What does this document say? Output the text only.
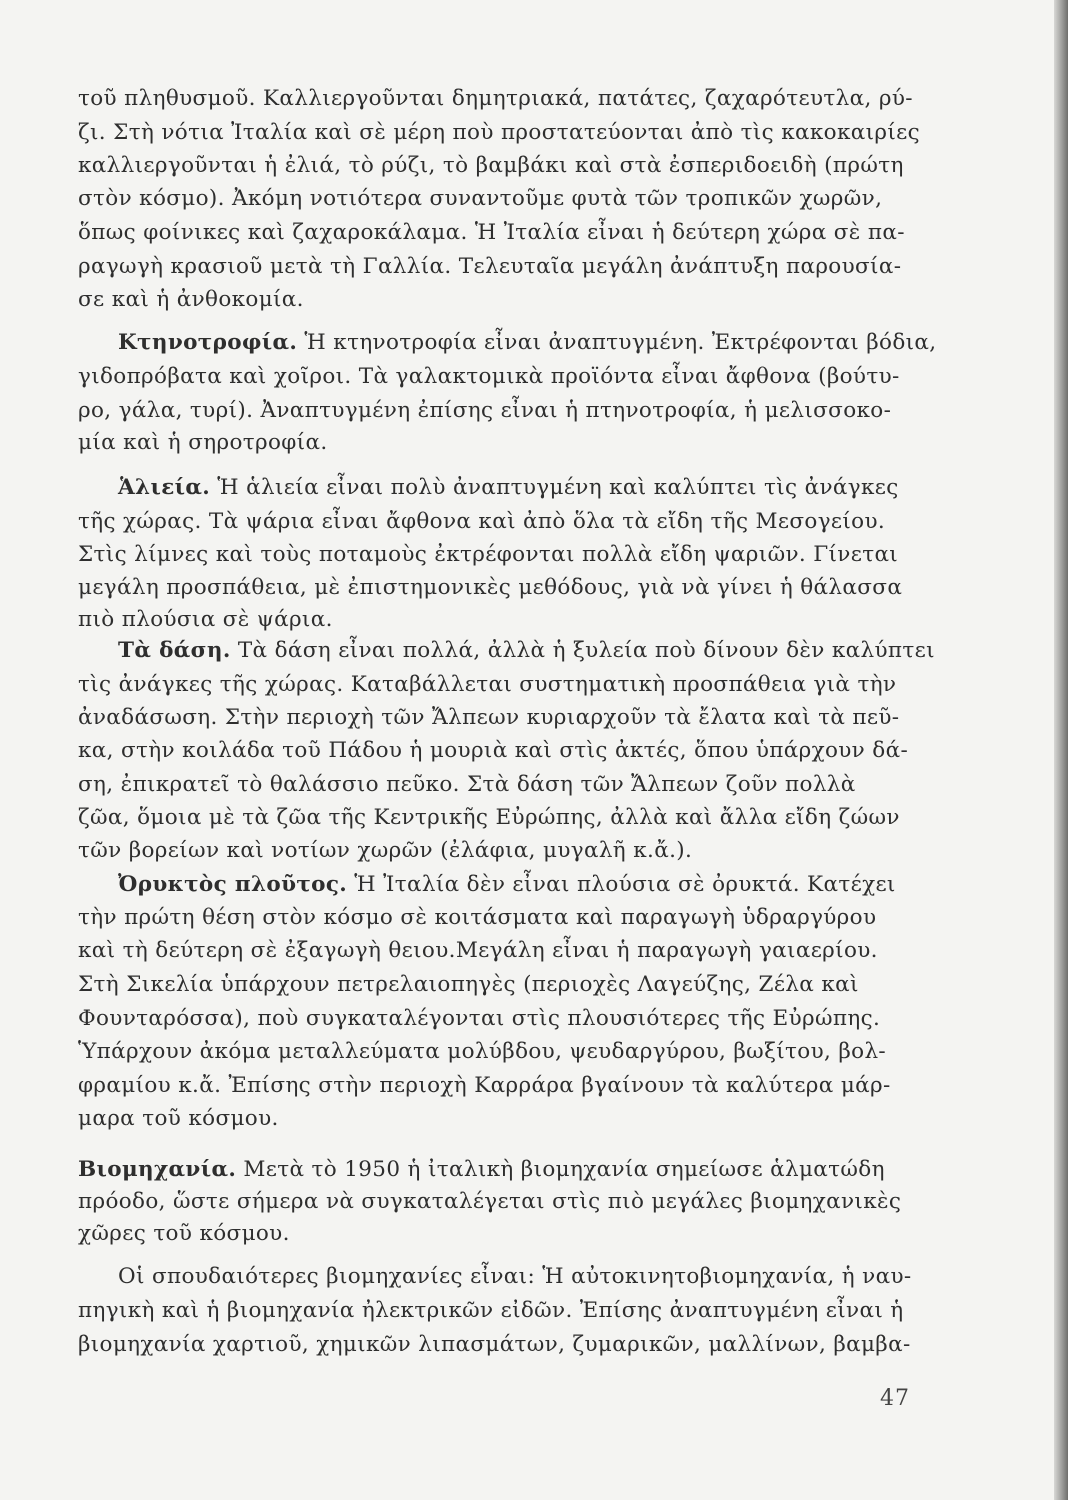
τοῦ πληθυσμοῦ. Καλλιεργοῦνται δημητριακά, πατάτες, ζαχαρότευτλα, ρύ-
ζι. Στὴ νότια Ἰταλία καὶ σὲ μέρη ποὺ προστατεύονται ἀπὸ τὶς κακοκαιρίες
καλλιεργοῦνται ἡ ἐλιά, τὸ ρύζι, τὸ βαμβάκι καὶ στὰ ἐσπεριδοειδὴ (πρώτη
στὸν κόσμο). Ἀκόμη νοτιότερα συναντοῦμε φυτὰ τῶν τροπικῶν χωρῶν,
ὅπως φοίνικες καὶ ζαχαροκάλαμα. Ἡ Ἰταλία εἶναι ἡ δεύτερη χώρα σὲ πα-
ραγωγὴ κρασιοῦ μετὰ τὴ Γαλλία. Τελευταῖα μεγάλη ἀνάπτυξη παρουσία-
σε καὶ ἡ ἀνθοκομία.
Κτηνοτροφία. Ἡ κτηνοτροφία εἶναι ἀναπτυγμένη. Ἐκτρέφονται βόδια,
γιδοπρόβατα καὶ χοῖροι. Τὰ γαλακτομικὰ προϊόντα εἶναι ἄφθονα (βούτυ-
ρο, γάλα, τυρί). Ἀναπτυγμένη ἐπίσης εἶναι ἡ πτηνοτροφία, ἡ μελισσοκο-
μία καὶ ἡ σηροτροφία.
Ἁλιεία. Ἡ ἁλιεία εἶναι πολὺ ἀναπτυγμένη καὶ καλύπτει τὶς ἀνάγκες
τῆς χώρας. Τὰ ψάρια εἶναι ἄφθονα καὶ ἀπὸ ὅλα τὰ εἴδη τῆς Μεσογείου.
Στὶς λίμνες καὶ τοὺς ποταμοὺς ἐκτρέφονται πολλὰ εἴδη ψαριῶν. Γίνεται
μεγάλη προσπάθεια, μὲ ἐπιστημονικὲς μεθόδους, γιὰ νὰ γίνει ἡ θάλασσα
πιὸ πλούσια σὲ ψάρια.
Τὰ δάση. Τὰ δάση εἶναι πολλά, ἀλλὰ ἡ ξυλεία ποὺ δίνουν δὲν καλύπτει
τὶς ἀνάγκες τῆς χώρας. Καταβάλλεται συστηματικὴ προσπάθεια γιὰ τὴν
ἀναδάσωση. Στὴν περιοχὴ τῶν Ἄλπεων κυριαρχοῦν τὰ ἔλατα καὶ τὰ πεῦ-
κα, στὴν κοιλάδα τοῦ Πάδου ἡ μουριὰ καὶ στὶς ἀκτές, ὅπου ὑπάρχουν δά-
ση, ἐπικρατεῖ τὸ θαλάσσιο πεῦκο. Στὰ δάση τῶν Ἄλπεων ζοῦν πολλὰ
ζῶα, ὅμοια μὲ τὰ ζῶα τῆς Κεντρικῆς Εὐρώπης, ἀλλὰ καὶ ἄλλα εἴδη ζώων
τῶν βορείων καὶ νοτίων χωρῶν (ἐλάφια, μυγαλῆ κ.ἄ.).
Ὀρυκτὸς πλοῦτος. Ἡ Ἰταλία δὲν εἶναι πλούσια σὲ ὀρυκτά. Κατέχει
τὴν πρώτη θέση στὸν κόσμο σὲ κοιτάσματα καὶ παραγωγὴ ὑδραργύρου
καὶ τὴ δεύτερη σὲ ἐξαγωγὴ θειου.Μεγάλη εἶναι ἡ παραγωγὴ γαιαερίου.
Στὴ Σικελία ὑπάρχουν πετρελαιοπηγὲς (περιοχὲς Λαγεύζης, Ζέλα καὶ
Φουνταρόσσα), ποὺ συγκαταλέγονται στὶς πλουσιότερες τῆς Εὐρώπης.
Ὑπάρχουν ἀκόμα μεταλλεύματα μολύβδου, ψευδαργύρου, βωξίτου, βολ-
φραμίου κ.ἄ. Ἐπίσης στὴν περιοχὴ Καρράρα βγαίνουν τὰ καλύτερα μάρ-
μαρα τοῦ κόσμου.
Βιομηχανία. Μετὰ τὸ 1950 ἡ ἰταλικὴ βιομηχανία σημείωσε ἁλματώδη
πρόοδο, ὥστε σήμερα νὰ συγκαταλέγεται στὶς πιὸ μεγάλες βιομηχανικὲς
χῶρες τοῦ κόσμου.
Οἱ σπουδαιότερες βιομηχανίες εἶναι: Ἡ αὐτοκινητοβιομηχανία, ἡ ναυ-
πηγικὴ καὶ ἡ βιομηχανία ἠλεκτρικῶν εἰδῶν. Ἐπίσης ἀναπτυγμένη εἶναι ἡ
βιομηχανία χαρτιοῦ, χημικῶν λιπασμάτων, ζυμαρικῶν, μαλλίνων, βαμβα-
47
